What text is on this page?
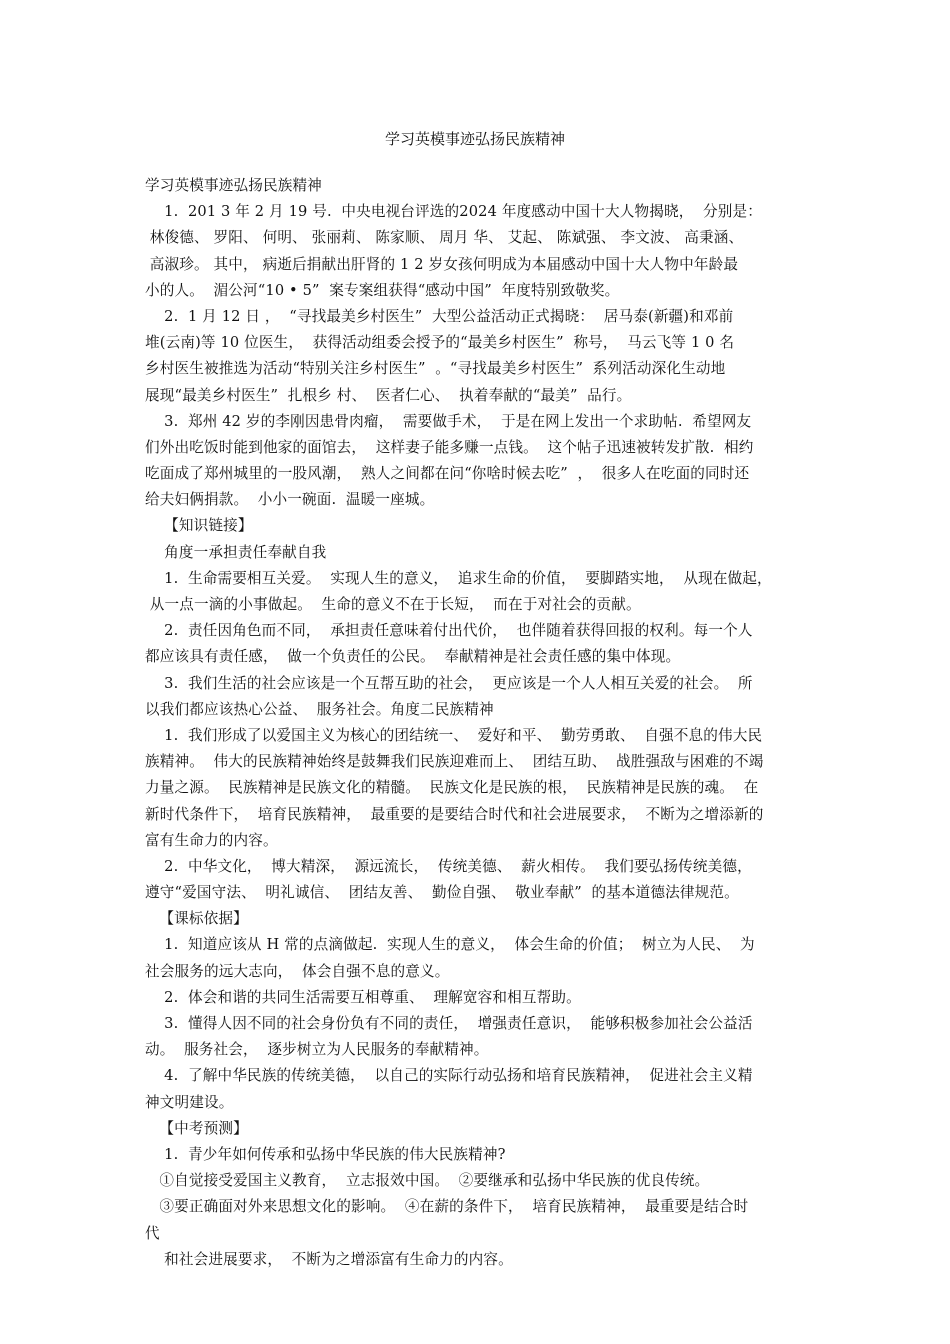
学习英模事迹弘扬民族精神
学习英模事迹弘扬民族精神
1.  201 3 年 2 月 19 号.  中央电视台评选的2024 年度感动中国十大人物揭晓，  分别是：
林俊德、 罗阳、 何明、 张丽莉、 陈家顺、 周月 华、 艾起、 陈斌强、 李文波、 高秉涵、
高淑珍。 其中， 病逝后捐献出肝肾的 1 2 岁女孩何明成为本届感动中国十大人物中年龄最
小的人。  湄公河“10 • 5”  案专案组获得“感动中国”  年度特别致敬奖。
2.  1 月 12 日 ，  “寻找最美乡村医生”  大型公益活动正式揭晓：  居马泰(新疆)和邓前
堆(云南)等 10 位医生，  获得活动组委会授予的“最美乡村医生”  称号，  马云飞等 1 0 名
乡村医生被推选为活动“特别关注乡村医生”  。“寻找最美乡村医生”  系列活动深化生动地
展现“最美乡村医生”  扎根乡 村、  医者仁心、  执着奉献的“最美”  品行。
3.  郑州 42 岁的李刚因患骨肉瘤，  需要做手术，  于是在网上发出一个求助帖.  希望网友
们外出吃饭时能到他家的面馆去，  这样妻子能多赚一点钱。  这个帖子迅速被转发扩散.  相约
吃面成了郑州城里的一股风潮，  熟人之间都在问“你啥时候去吃”  ，  很多人在吃面的同时还
给夫妇俩捐款。  小小一碗面.  温暖一座城。
【知识链接】
角度一承担责任奉献自我
1.  生命需要相互关爱。  实现人生的意义，  追求生命的价值，  要脚踏实地，  从现在做起，
从一点一滴的小事做起。  生命的意义不在于长短，  而在于对社会的贡献。
2.  责任因角色而不同，  承担责任意味着付出代价，  也伴随着获得回报的权利。每一个人
都应该具有责任感，  做一个负责任的公民。  奉献精神是社会责任感的集中体现。
3.  我们生活的社会应该是一个互帮互助的社会，  更应该是一个人人相互关爱的社会。  所
以我们都应该热心公益、  服务社会。角度二民族精神
1.  我们形成了以爱国主义为核心的团结统一、  爱好和平、  勤劳勇敢、  自强不息的伟大民
族精神。  伟大的民族精神始终是鼓舞我们民族迎难而上、  团结互助、  战胜强敌与困难的不竭
力量之源。  民族精神是民族文化的精髓。  民族文化是民族的根，  民族精神是民族的魂。  在
新时代条件下，  培育民族精神，  最重要的是要结合时代和社会进展要求，  不断为之增添新的
富有生命力的内容。
2.  中华文化，  博大精深，  源远流长，  传统美德、  薪火相传。  我们要弘扬传统美德，
遵守“爱国守法、  明礼诚信、  团结友善、  勤俭自强、  敬业奉献”  的基本道德法律规范。
【课标依据】
1.  知道应该从 H 常的点滴做起.  实现人生的意义，  体会生命的价值；  树立为人民、  为
社会服务的远大志向，  体会自强不息的意义。
2.  体会和谐的共同生活需要互相尊重、  理解宽容和相互帮助。
3.  懂得人因不同的社会身份负有不同的责任，  增强责任意识，  能够积极参加社会公益活
动。  服务社会，  逐步树立为人民服务的奉献精神。
4.  了解中华民族的传统美德，  以自己的实际行动弘扬和培育民族精神，  促进社会主义精
神文明建设。
【中考预测】
1.  青少年如何传承和弘扬中华民族的伟大民族精神?
①自觉接受爱国主义教育，  立志报效中国。  ②要继承和弘扬中华民族的优良传统。
③要正确面对外来思想文化的影响。  ④在薪的条件下，  培育民族精神，  最重要是结合时
代
和社会进展要求，  不断为之增添富有生命力的内容。
